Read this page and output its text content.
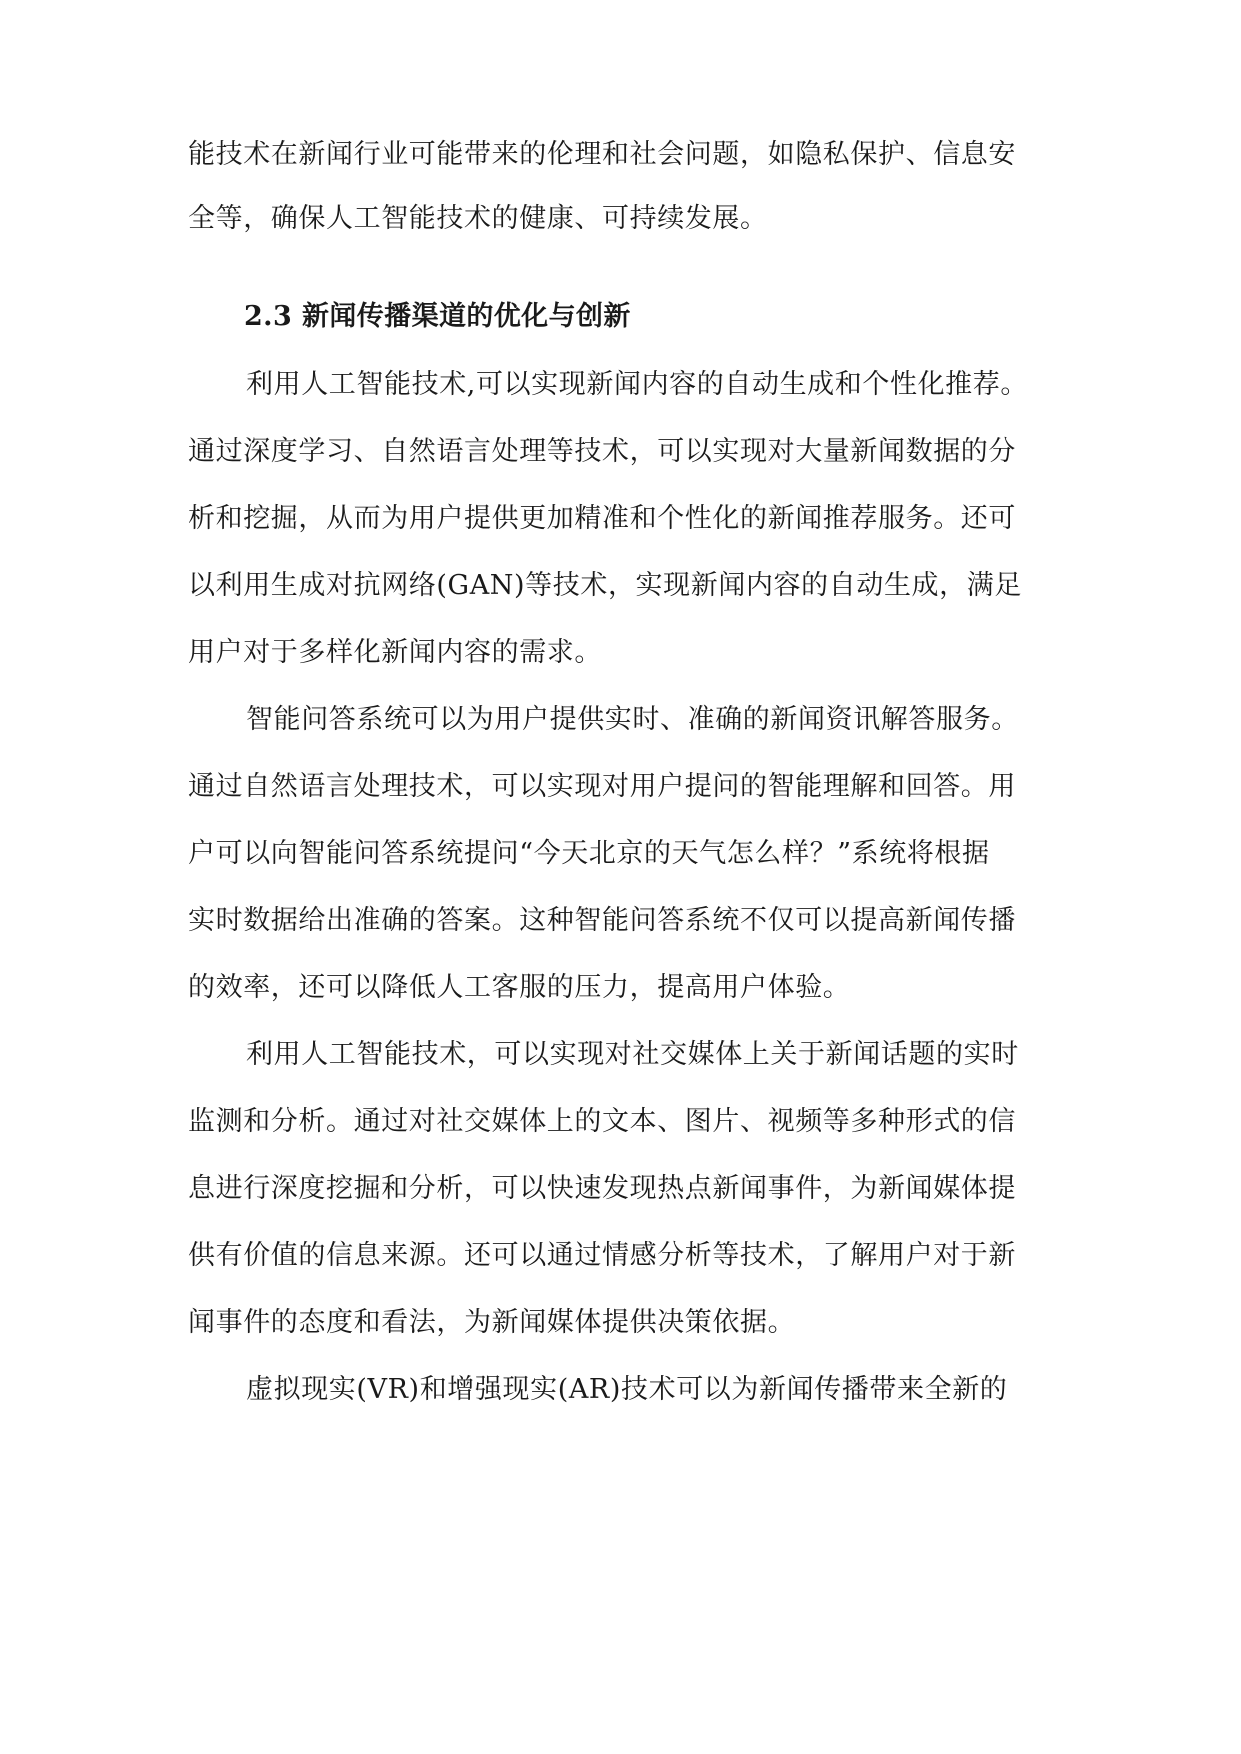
能技术在新闻行业可能带来的伦理和社会问题，如隐私保护、信息安
全等，确保人工智能技术的健康、可持续发展。
2.3 新闻传播渠道的优化与创新
利用人工智能技术,可以实现新闻内容的自动生成和个性化推荐。
通过深度学习、自然语言处理等技术，可以实现对大量新闻数据的分
析和挖掘，从而为用户提供更加精准和个性化的新闻推荐服务。还可
以利用生成对抗网络(GAN)等技术，实现新闻内容的自动生成，满足
用户对于多样化新闻内容的需求。
智能问答系统可以为用户提供实时、准确的新闻资讯解答服务。
通过自然语言处理技术，可以实现对用户提问的智能理解和回答。用
户可以向智能问答系统提问“今天北京的天气怎么样？”系统将根据
实时数据给出准确的答案。这种智能问答系统不仅可以提高新闻传播
的效率，还可以降低人工客服的压力，提高用户体验。
利用人工智能技术，可以实现对社交媒体上关于新闻话题的实时
监测和分析。通过对社交媒体上的文本、图片、视频等多种形式的信
息进行深度挖掘和分析，可以快速发现热点新闻事件，为新闻媒体提
供有价值的信息来源。还可以通过情感分析等技术，了解用户对于新
闻事件的态度和看法，为新闻媒体提供决策依据。
虚拟现实(VR)和增强现实(AR)技术可以为新闻传播带来全新的
